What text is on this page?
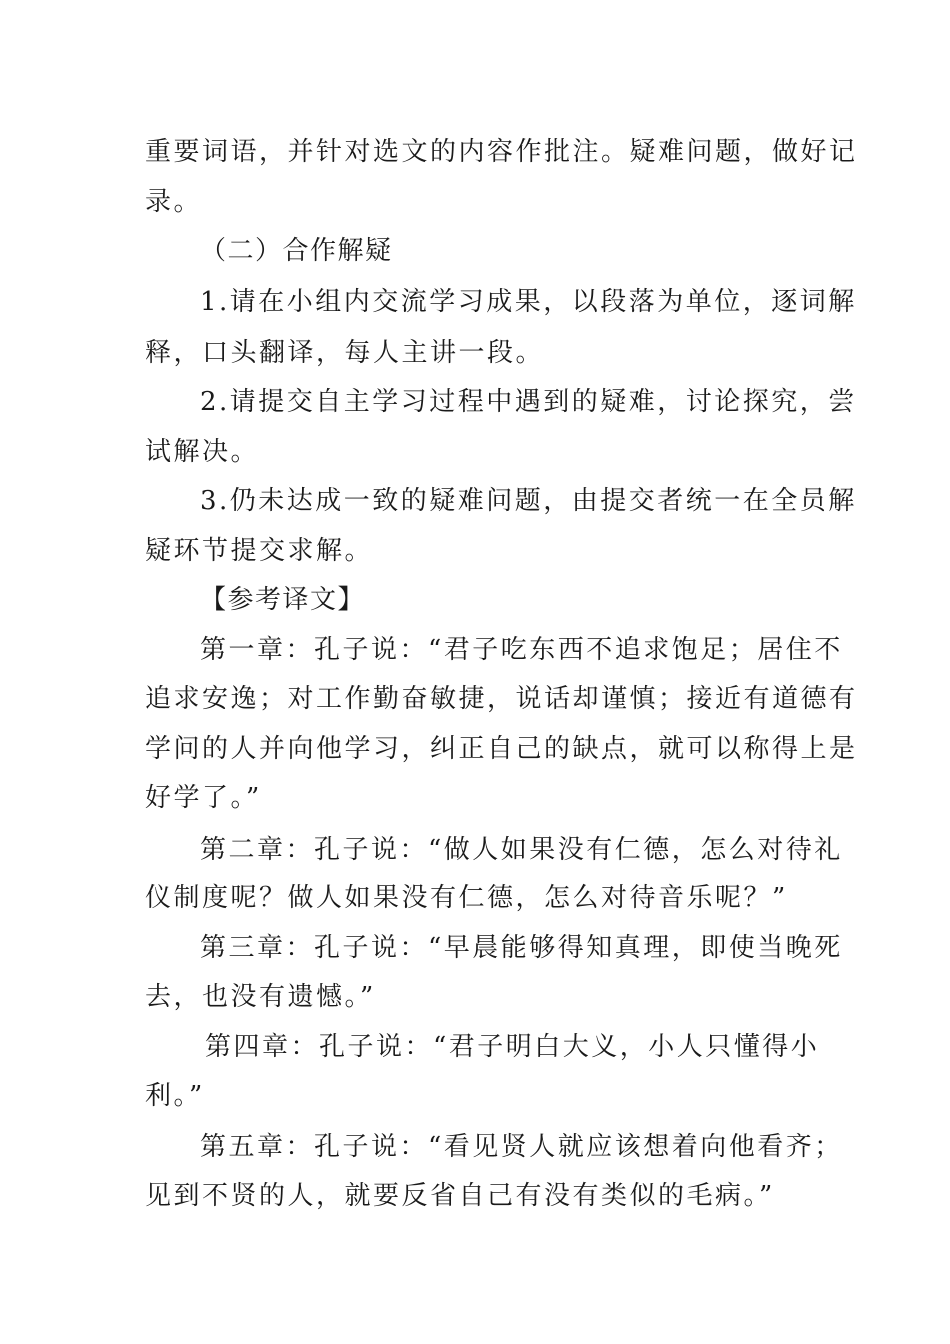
重要词语，并针对选文的内容作批注。疑难问题，做好记
录。
（二）合作解疑
1.请在小组内交流学习成果，以段落为单位，逐词解
释，口头翻译，每人主讲一段。
2.请提交自主学习过程中遇到的疑难，讨论探究，尝
试解决。
3.仍未达成一致的疑难问题，由提交者统一在全员解
疑环节提交求解。
【参考译文】
第一章：孔子说：“君子吃东西不追求饱足；居住不
追求安逸；对工作勤奋敏捷，说话却谨慎；接近有道德有
学问的人并向他学习，纠正自己的缺点，就可以称得上是
好学了。”
第二章：孔子说：“做人如果没有仁德，怎么对待礼
仪制度呢？做人如果没有仁德，怎么对待音乐呢？”
第三章：孔子说：“早晨能够得知真理，即使当晚死
去，也没有遗憾。”
第四章：孔子说：“君子明白大义，小人只懂得小
利。”
第五章：孔子说：“看见贤人就应该想着向他看齐；
见到不贤的人，就要反省自己有没有类似的毛病。”
